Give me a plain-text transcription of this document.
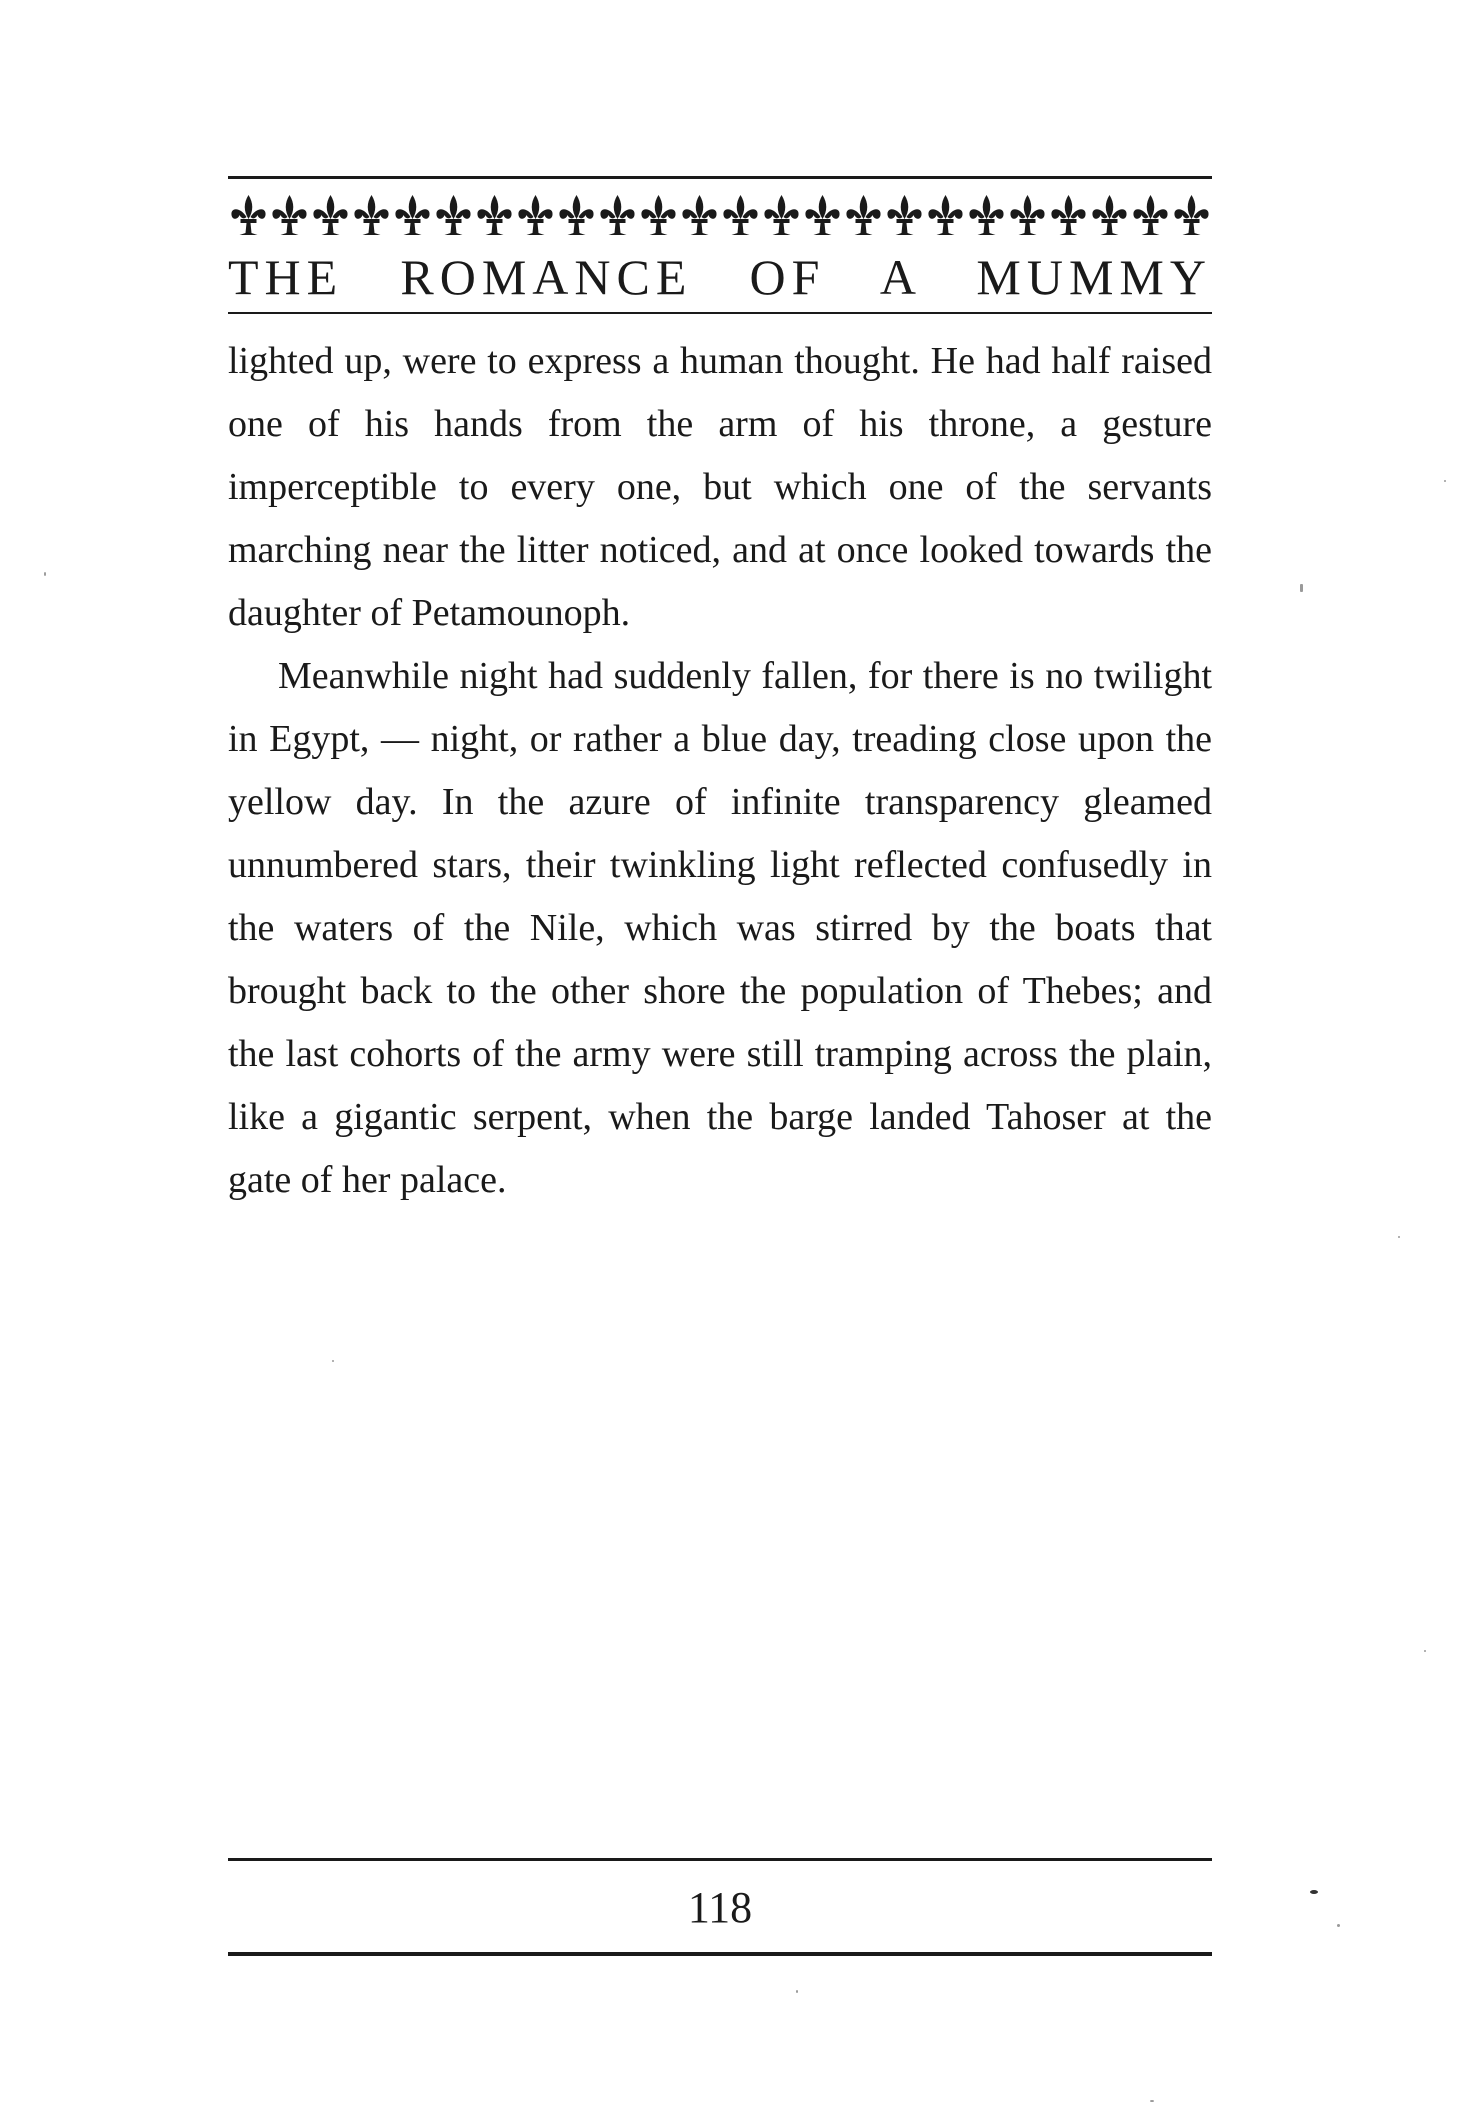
THE ROMANCE OF A MUMMY

lighted up, were to express a human thought. He had half raised one of his hands from the arm of his throne, a gesture imperceptible to every one, but which one of the servants marching near the litter noticed, and at once looked towards the daughter of Petamounoph.

Meanwhile night had suddenly fallen, for there is no twilight in Egypt, — night, or rather a blue day, treading close upon the yellow day. In the azure of infinite transparency gleamed unnumbered stars, their twinkling light reflected confusedly in the waters of the Nile, which was stirred by the boats that brought back to the other shore the population of Thebes; and the last cohorts of the army were still tramping across the plain, like a gigantic serpent, when the barge landed Tahoser at the gate of her palace.

118
